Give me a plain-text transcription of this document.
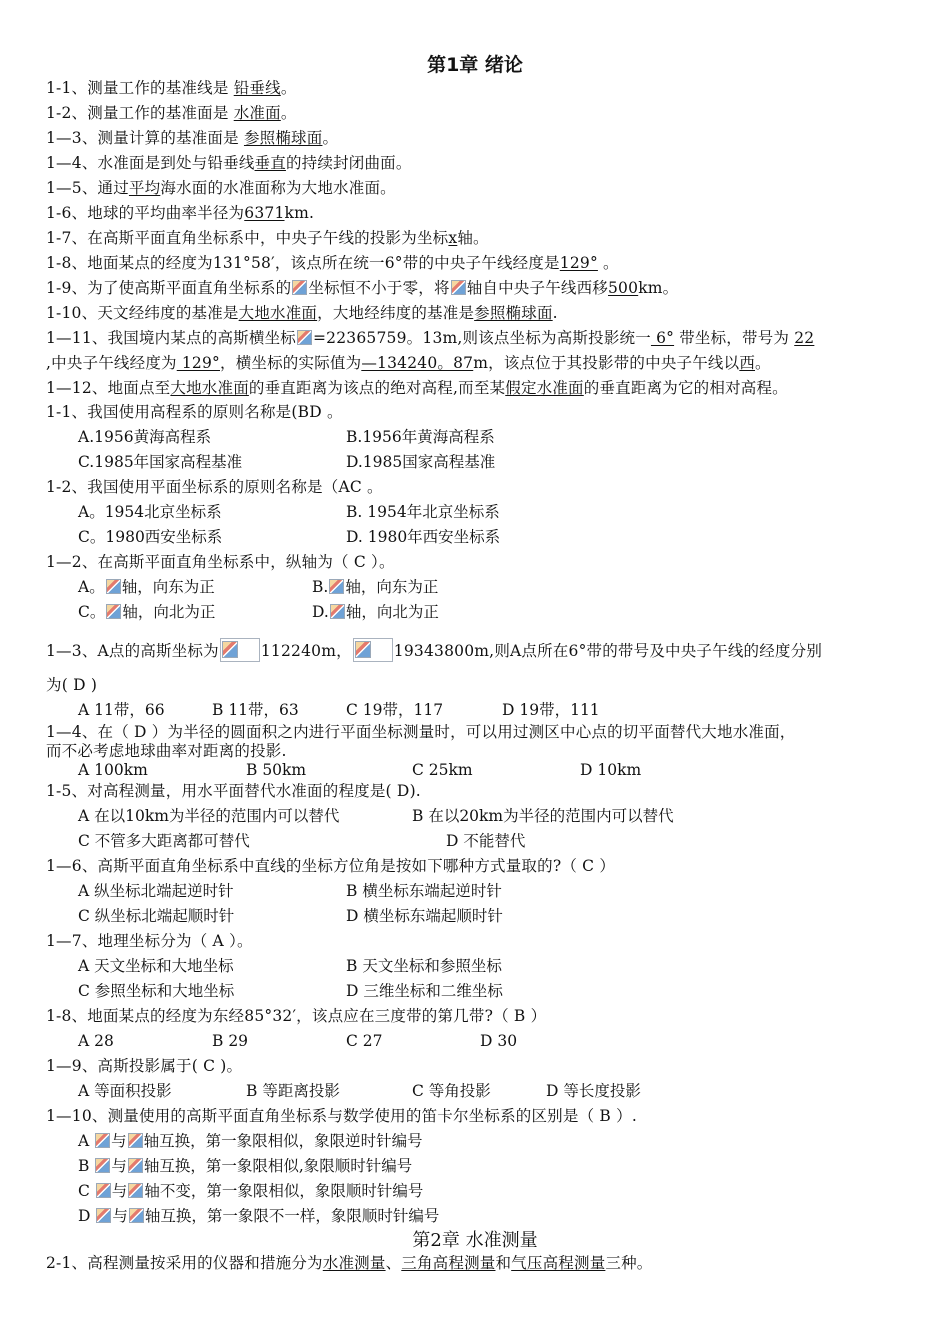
第1章 绪论
1-1、测量工作的基准线是 铅垂线。
1-2、测量工作的基准面是 水准面。
1—3、测量计算的基准面是 参照椭球面。
1—4、水准面是到处与铅垂线垂直的持续封闭曲面。
1—5、通过平均海水面的水准面称为大地水准面。
1-6、地球的平均曲率半径为6371km.
1-7、在高斯平面直角坐标系中，中央子午线的投影为坐标x轴。
1-8、地面某点的经度为131°58′，该点所在统一6°带的中央子午线经度是129° 。
1-9、为了使高斯平面直角坐标系的 坐标恒不小于零，将 轴自中央子午线西移500km。
1-10、天文经纬度的基准是大地水准面，大地经纬度的基准是参照椭球面.
1—11、我国境内某点的高斯横坐标 =22365759。13m,则该点坐标为高斯投影统一 6° 带坐标，带号为 22
,中央子午线经度为 129°，横坐标的实际值为—134240。87m，该点位于其投影带的中央子午线以西。
1—12、地面点至大地水准面的垂直距离为该点的绝对高程,而至某假定水准面的垂直距离为它的相对高程。
1-1、我国使用高程系的原则名称是(BD 。
A.1956黄海高程系	B.1956年黄海高程系
C.1985年国家高程基准	D.1985国家高程基准
1-2、我国使用平面坐标系的原则名称是（AC 。
A。1954北京坐标系	B. 1954年北京坐标系
C。1980西安坐标系	D. 1980年西安坐标系
1—2、在高斯平面直角坐标系中，纵轴为（ C ）。
A。 轴，向东为正	B. 轴，向东为正
C。 轴，向北为正	D. 轴，向北为正
1—3、A点的高斯坐标为	112240m，	19343800m,则A点所在6°带的带号及中央子午线的经度分别
为( D )
A 11带，66	B 11带，63	C 19带，117	D 19带，111
1—4、在（ D ）为半径的圆面积之内进行平面坐标测量时，可以用过测区中心点的切平面替代大地水准面，
而不必考虑地球曲率对距离的投影.
A 100km	B 50km	C 25km	D 10km
1-5、对高程测量，用水平面替代水准面的程度是( D).
A 在以10km为半径的范围内可以替代	B 在以20km为半径的范围内可以替代
C 不管多大距离都可替代	D 不能替代
1—6、高斯平面直角坐标系中直线的坐标方位角是按如下哪种方式量取的?（ C ）
A 纵坐标北端起逆时针	B 横坐标东端起逆时针
C 纵坐标北端起顺时针	D 横坐标东端起顺时针
1—7、地理坐标分为（ A ）。
A 天文坐标和大地坐标	B 天文坐标和参照坐标
C 参照坐标和大地坐标	D 三维坐标和二维坐标
1-8、地面某点的经度为东经85°32′，该点应在三度带的第几带?（ B ）
A 28	B 29	C 27	D 30
1—9、高斯投影属于( C )。
A 等面积投影	B 等距离投影	C 等角投影	D 等长度投影
1—10、测量使用的高斯平面直角坐标系与数学使用的笛卡尔坐标系的区别是（ B ）.
A 与 轴互换，第一象限相似，象限逆时针编号
B 与 轴互换，第一象限相似,象限顺时针编号
C 与 轴不变，第一象限相似，象限顺时针编号
D 与 轴互换，第一象限不一样，象限顺时针编号
第2章 水准测量
2-1、高程测量按采用的仪器和措施分为水准测量、三角高程测量和气压高程测量三种。
